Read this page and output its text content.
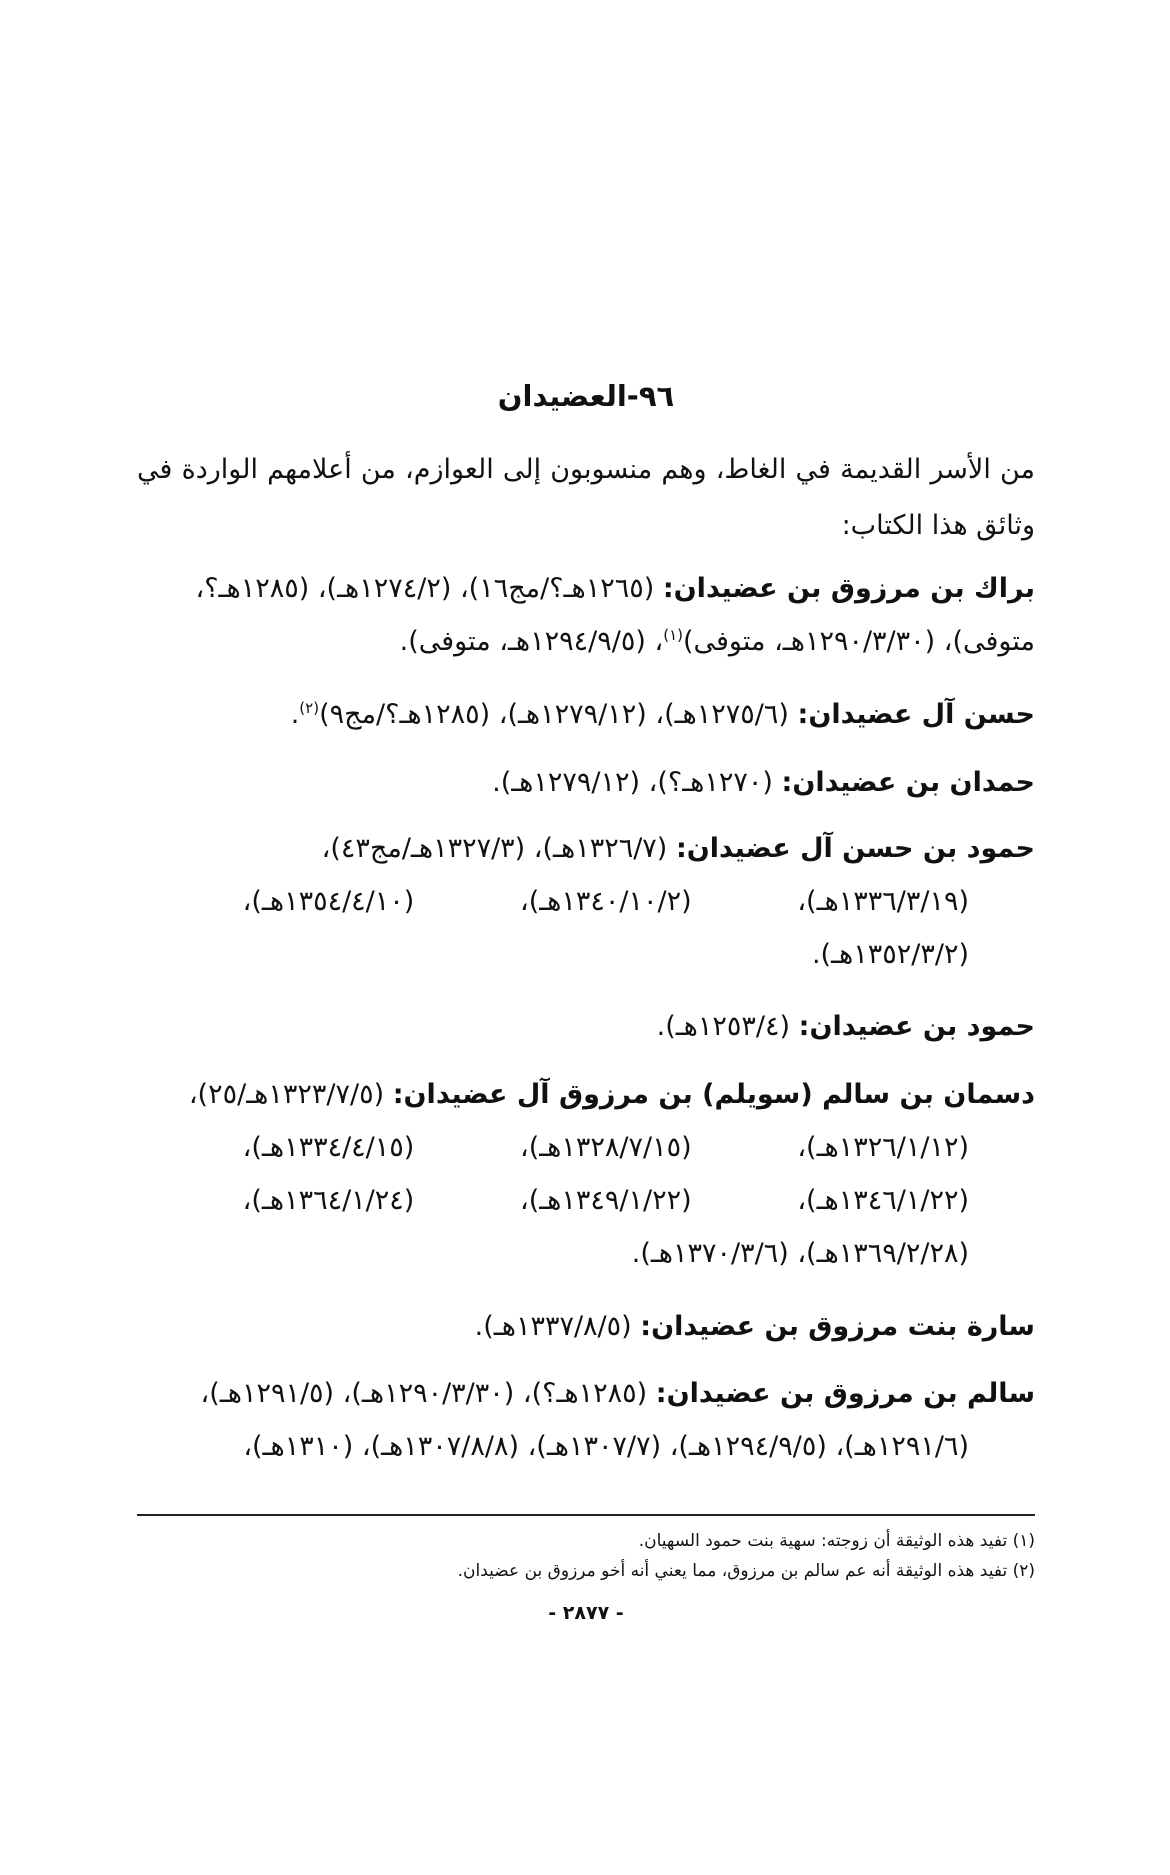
٩٦-العضيدان

من الأسر القديمة في الغاط، وهم منسوبون إلى العوازم، من أعلامهم الواردة في وثائق هذا الكتاب:

براك بن مرزوق بن عضيدان: (١٢٦٥هـ؟/مج١٦)، (١٢٧٤/٢هـ)، (١٢٨٥هـ؟،
متوفى)، (١٢٩٠/٣/٣٠هـ، متوفى)$^{(١)}$، (١٢٩٤/٩/٥هـ، متوفى).
حسن آل عضيدان: (١٢٧٥/٦هـ)، (١٢٧٩/١٢هـ)، (١٢٨٥هـ؟/مج٩)$^{(٢)}$.
حمدان بن عضيدان: (١٢٧٠هـ؟)، (١٢٧٩/١٢هـ).
حمود بن حسن آل عضيدان: (١٣٢٦/٧هـ)، (١٣٢٧/٣هـ/مج٤٣)،
(١٣٣٦/٣/١٩هـ)،
(١٣٤٠/١٠/٢هـ)،
(١٣٥٤/٤/١٠هـ)،
(١٣٥٢/٣/٢هـ).
حمود بن عضيدان: (١٢٥٣/٤هـ).
دسمان بن سالم (سويلم) بن مرزوق آل عضيدان: (١٣٢٣/٧/٥هـ/٢٥)،
(١٣٢٦/١/١٢هـ)،
(١٣٢٨/٧/١٥هـ)،
(١٣٣٤/٤/١٥هـ)،
(١٣٤٦/١/٢٢هـ)،
(١٣٤٩/١/٢٢هـ)،
(١٣٦٤/١/٢٤هـ)،
(١٣٦٩/٢/٢٨هـ)، (١٣٧٠/٣/٦هـ).
سارة بنت مرزوق بن عضيدان: (١٣٣٧/٨/٥هـ).
سالم بن مرزوق بن عضيدان: (١٢٨٥هـ؟)، (١٢٩٠/٣/٣٠هـ)، (١٢٩١/٥هـ)،
(١٢٩١/٦هـ)، (١٢٩٤/٩/٥هـ)، (١٣٠٧/٧هـ)، (١٣٠٧/٨/٨هـ)، (١٣١٠هـ)،
(١) تفيد هذه الوثيقة أن زوجته: سهية بنت حمود السهيان.
(٢) تفيد هذه الوثيقة أنه عم سالم بن مرزوق، مما يعني أنه أخو مرزوق بن عضيدان.
- ٢٨٧٧ -
